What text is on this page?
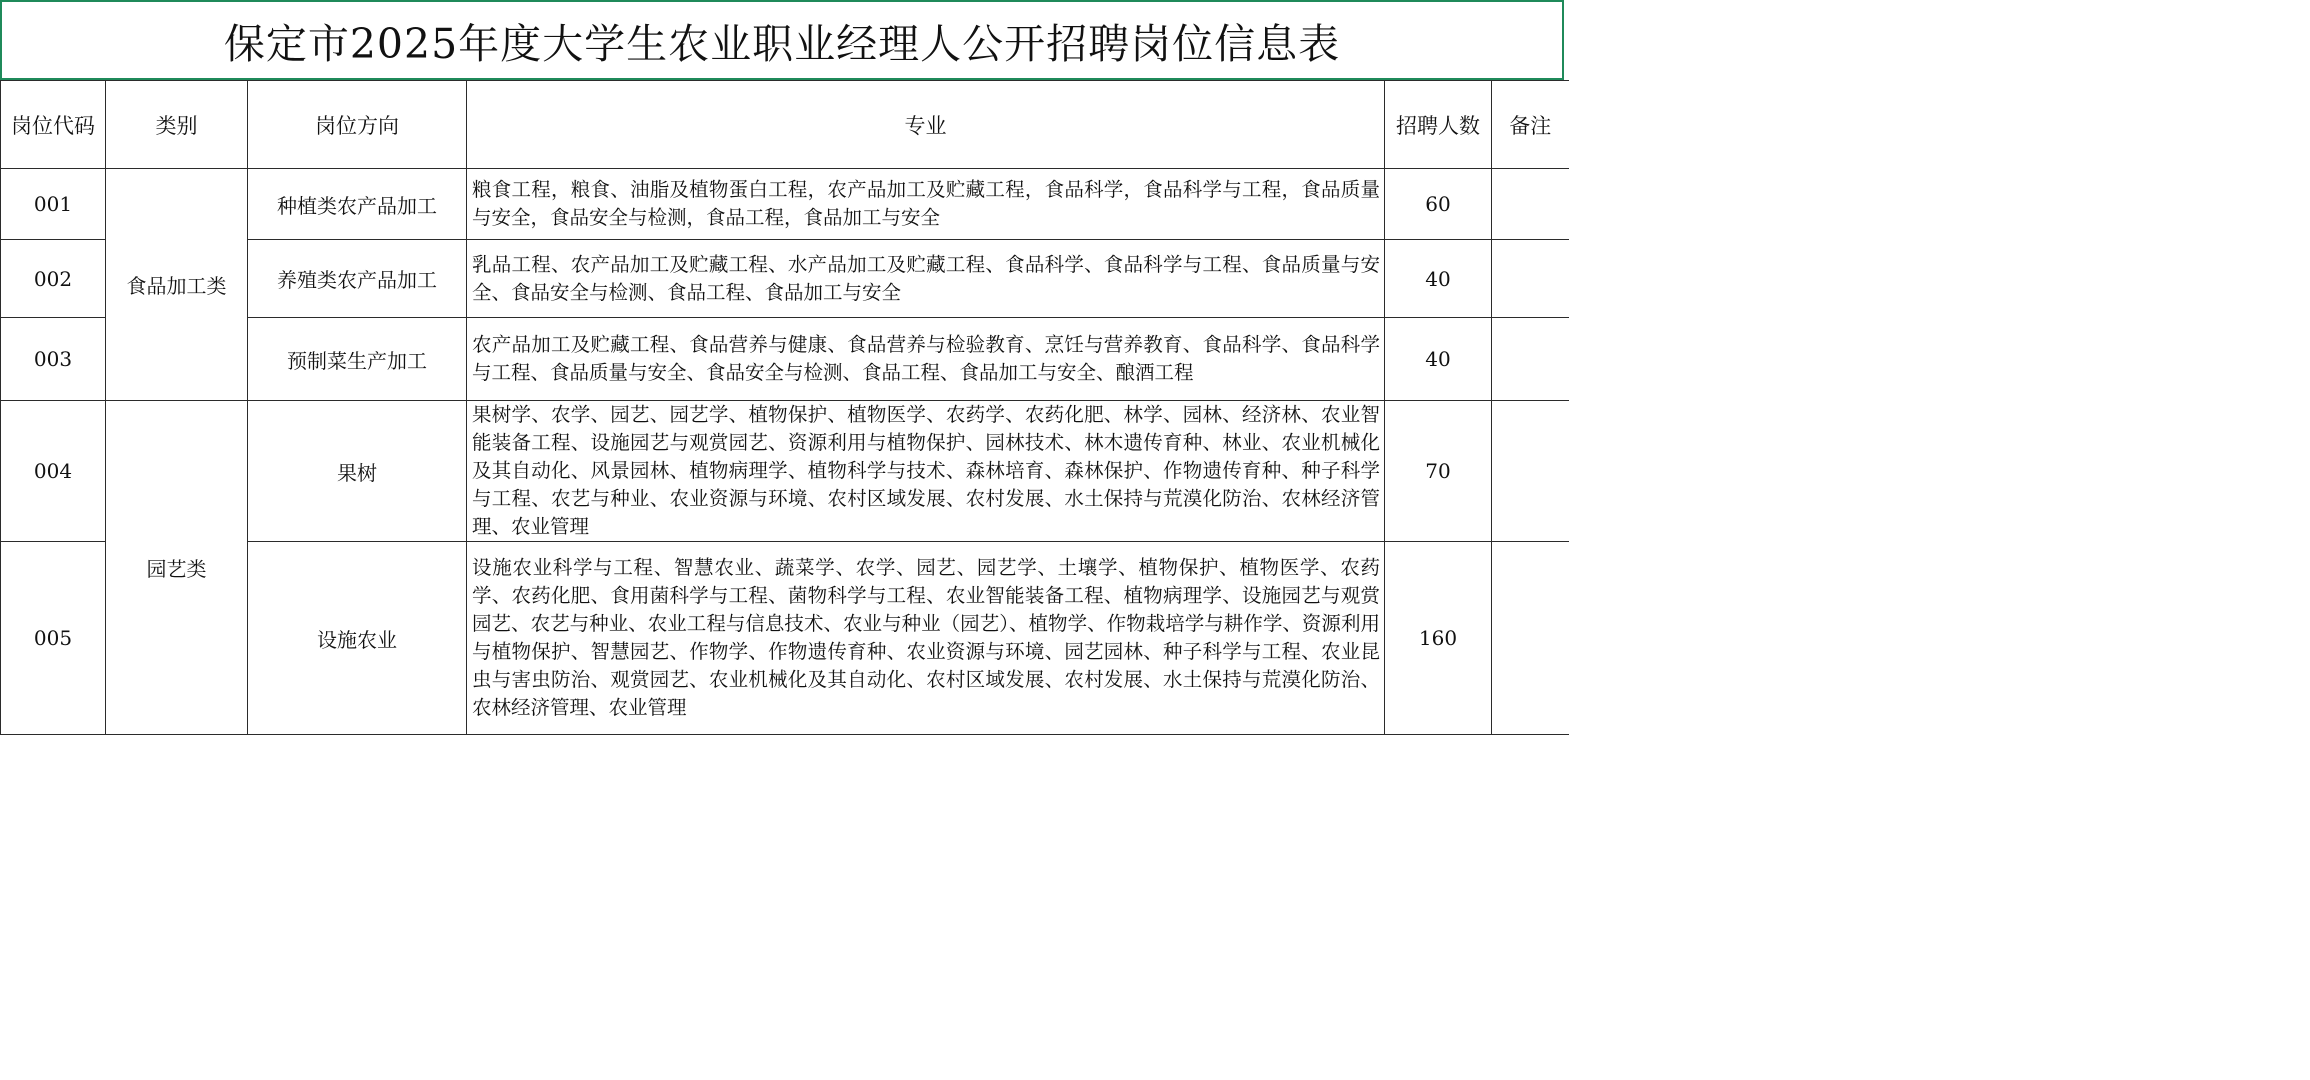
保定市2025年度大学生农业职业经理人公开招聘岗位信息表
岗位代码	类别	岗位方向	专业	招聘人数	备注
001	食品加工类	种植类农产品加工	粮食工程，粮食、油脂及植物蛋白工程，农产品加工及贮藏工程，食品科学，食品科学与工程，食品质量与安全，食品安全与检测，食品工程，食品加工与安全	60	
002		养殖类农产品加工	乳品工程、农产品加工及贮藏工程、水产品加工及贮藏工程、食品科学、食品科学与工程、食品质量与安全、食品安全与检测、食品工程、食品加工与安全	40	
003		预制菜生产加工	农产品加工及贮藏工程、食品营养与健康、食品营养与检验教育、烹饪与营养教育、食品科学、食品科学与工程、食品质量与安全、食品安全与检测、食品工程、食品加工与安全、酿酒工程	40	
004	园艺类	果树	果树学、农学、园艺、园艺学、植物保护、植物医学、农药学、农药化肥、林学、园林、经济林、农业智能装备工程、设施园艺与观赏园艺、资源利用与植物保护、园林技术、林木遗传育种、林业、农业机械化及其自动化、风景园林、植物病理学、植物科学与技术、森林培育、森林保护、作物遗传育种、种子科学与工程、农艺与种业、农业资源与环境、农村区域发展、农村发展、水土保持与荒漠化防治、农林经济管理、农业管理	70	
005		设施农业	设施农业科学与工程、智慧农业、蔬菜学、农学、园艺、园艺学、土壤学、植物保护、植物医学、农药学、农药化肥、食用菌科学与工程、菌物科学与工程、农业智能装备工程、植物病理学、设施园艺与观赏园艺、农艺与种业、农业工程与信息技术、农业与种业（园艺）、植物学、作物栽培学与耕作学、资源利用与植物保护、智慧园艺、作物学、作物遗传育种、农业资源与环境、园艺园林、种子科学与工程、农业昆虫与害虫防治、观赏园艺、农业机械化及其自动化、农村区域发展、农村发展、水土保持与荒漠化防治、农林经济管理、农业管理	160	
